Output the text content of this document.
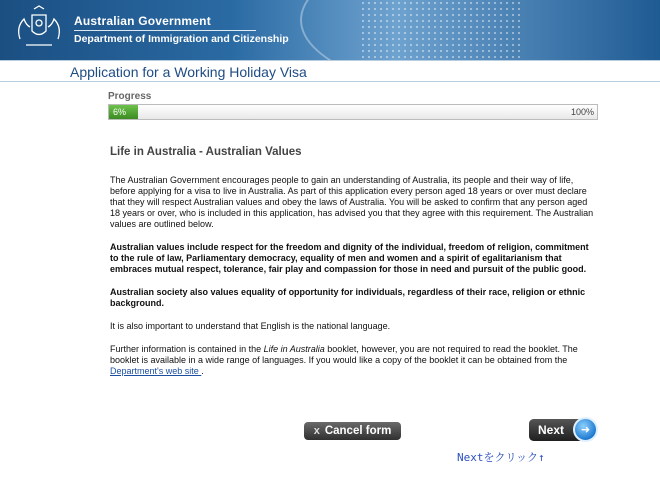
Australian Government
Department of Immigration and Citizenship
Application for a Working Holiday Visa
Progress
6%	100%
Life in Australia - Australian Values

The Australian Government encourages people to gain an understanding of Australia, its people and their way of life, before applying for a visa to live in Australia. As part of this application every person aged 18 years or over must declare that they will respect Australian values and obey the laws of Australia. You will be asked to confirm that any person aged 18 years or over, who is included in this application, has advised you that they agree with this requirement. The Australian values are outlined below.

Australian values include respect for the freedom and dignity of the individual, freedom of religion, commitment to the rule of law, Parliamentary democracy, equality of men and women and a spirit of egalitarianism that embraces mutual respect, tolerance, fair play and compassion for those in need and pursuit of the public good.

Australian society also values equality of opportunity for individuals, regardless of their race, religion or ethnic background.

It is also important to understand that English is the national language.

Further information is contained in the Life in Australia booklet, however, you are not required to read the booklet. The booklet is available in a wide range of languages. If you would like a copy of the booklet it can be obtained from the Department's web site .

x Cancel form	Next	➜
Nextをクリック↑
